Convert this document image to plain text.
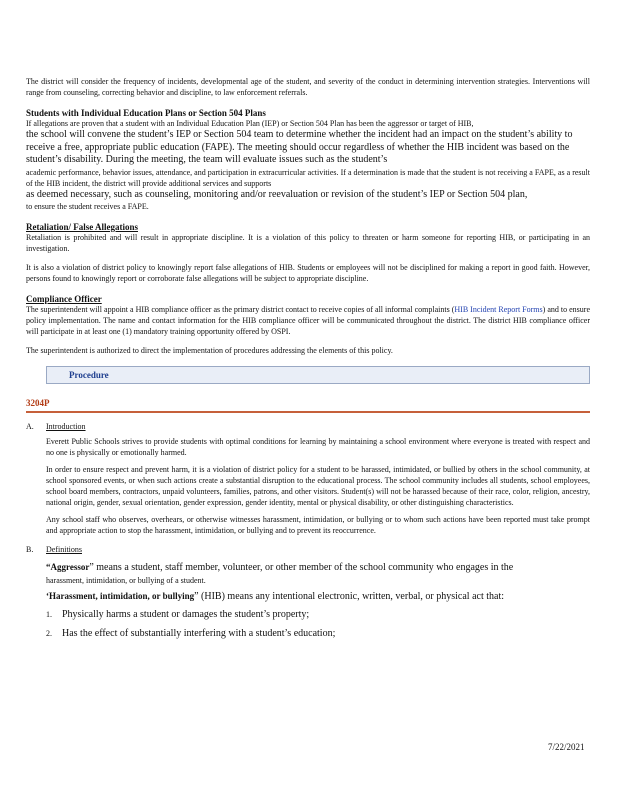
The district will consider the frequency of incidents, developmental age of the student, and severity of the conduct in determining intervention strategies. Interventions will range from counseling, correcting behavior and discipline, to law enforcement referrals.

Students with Individual Education Plans or Section 504 Plans

If allegations are proven that a student with an Individual Education Plan (IEP) or Section 504 Plan has been the aggressor or target of HIB,

the school will convene the student’s IEP or Section 504 team to determine whether the incident had an impact on the student’s ability to receive a free, appropriate public education (FAPE). The meeting should occur regardless of whether the HIB incident was based on the student’s disability. During the meeting, the team will evaluate issues such as the student’s

academic performance, behavior issues, attendance, and participation in extracurricular activities. If a determination is made that the student is not receiving a FAPE, as a result of the HIB incident, the district will provide additional services and supports

as deemed necessary, such as counseling, monitoring and/or reevaluation or revision of the student’s IEP or Section 504 plan,

to ensure the student receives a FAPE.

Retaliation/ False Allegations

Retaliation is prohibited and will result in appropriate discipline. It is a violation of this policy to threaten or harm someone for reporting HIB, or participating in an investigation.

It is also a violation of district policy to knowingly report false allegations of HIB. Students or employees will not be disciplined for making a report in good faith. However, persons found to knowingly report or corroborate false allegations will be subject to appropriate discipline.

Compliance Officer

The superintendent will appoint a HIB compliance officer as the primary district contact to receive copies of all informal complaints (HIB Incident Report Forms) and to ensure policy implementation. The name and contact information for the HIB compliance officer will be communicated throughout the district. The district HIB compliance officer will participate in at least one (1) mandatory training opportunity offered by OSPI.

The superintendent is authorized to direct the implementation of procedures addressing the elements of this policy.

Procedure
3204P
A.	Introduction

Everett Public Schools strives to provide students with optimal conditions for learning by maintaining a school environment where everyone is treated with respect and no one is physically or emotionally harmed.

In order to ensure respect and prevent harm, it is a violation of district policy for a student to be harassed, intimidated, or bullied by others in the school community, at school sponsored events, or when such actions create a substantial disruption to the educational process. The school community includes all students, school employees, school board members, contractors, unpaid volunteers, families, patrons, and other visitors. Student(s) will not be harassed because of their race, color, religion, ancestry, national origin, gender, sexual orientation, gender expression, gender identity, mental or physical disability, or other distinguishing characteristics.

Any school staff who observes, overhears, or otherwise witnesses harassment, intimidation, or bullying or to whom such actions have been reported must take prompt and appropriate action to stop the harassment, intimidation, or bullying and to prevent its reoccurrence.

B.	Definitions

“Aggressor” means a student, staff member, volunteer, or other member of the school community who engages in the

harassment, intimidation, or bullying of a student.

‘Harassment, intimidation, or bullying” (HIB) means any intentional electronic, written, verbal, or physical act that:

1.	Physically harms a student or damages the student’s property;
2.	Has the effect of substantially interfering with a student’s education;
7/22/2021
